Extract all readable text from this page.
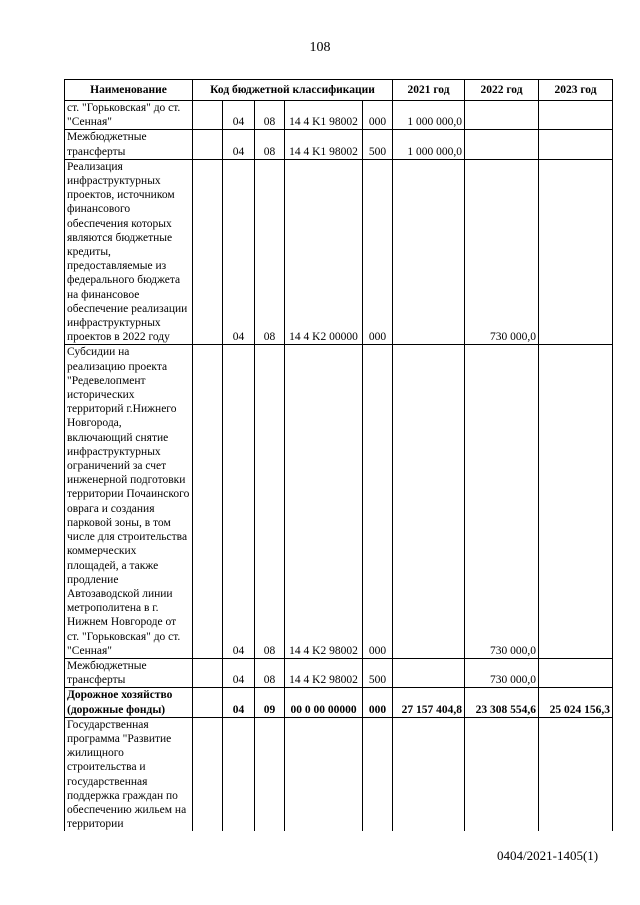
108
Наименование	Код бюджетной классификации					2021 год	2022 год	2023 год
ст. "Горьковская" до ст. "Сенная"		04	08	14 4 K1 98002	000	1 000 000,0		
Межбюджетные трансферты		04	08	14 4 K1 98002	500	1 000 000,0		
Реализация инфраструктурных проектов, источником финансового обеспечения которых являются бюджетные кредиты, предоставляемые из федерального бюджета на финансовое обеспечение реализации инфраструктурных проектов в 2022 году		04	08	14 4 K2 00000	000		730 000,0	
Субсидии на реализацию проекта "Редевелопмент исторических территорий г.Нижнего Новгорода, включающий снятие инфраструктурных ограничений за счет инженерной подготовки территории Почаинского оврага и создания парковой зоны, в том числе для строительства коммерческих площадей, а также продление Автозаводской линии метрополитена в г. Нижнем Новгороде от ст. "Горьковская" до ст. "Сенная"		04	08	14 4 K2 98002	000		730 000,0	
Межбюджетные трансферты		04	08	14 4 K2 98002	500		730 000,0	
Дорожное хозяйство (дорожные фонды)		04	09	00 0 00 00000	000	27 157 404,8	23 308 554,6	25 024 156,3
Государственная программа "Развитие жилищного строительства и государственная поддержка граждан по обеспечению жильем на территории								
0404/2021-1405(1)
